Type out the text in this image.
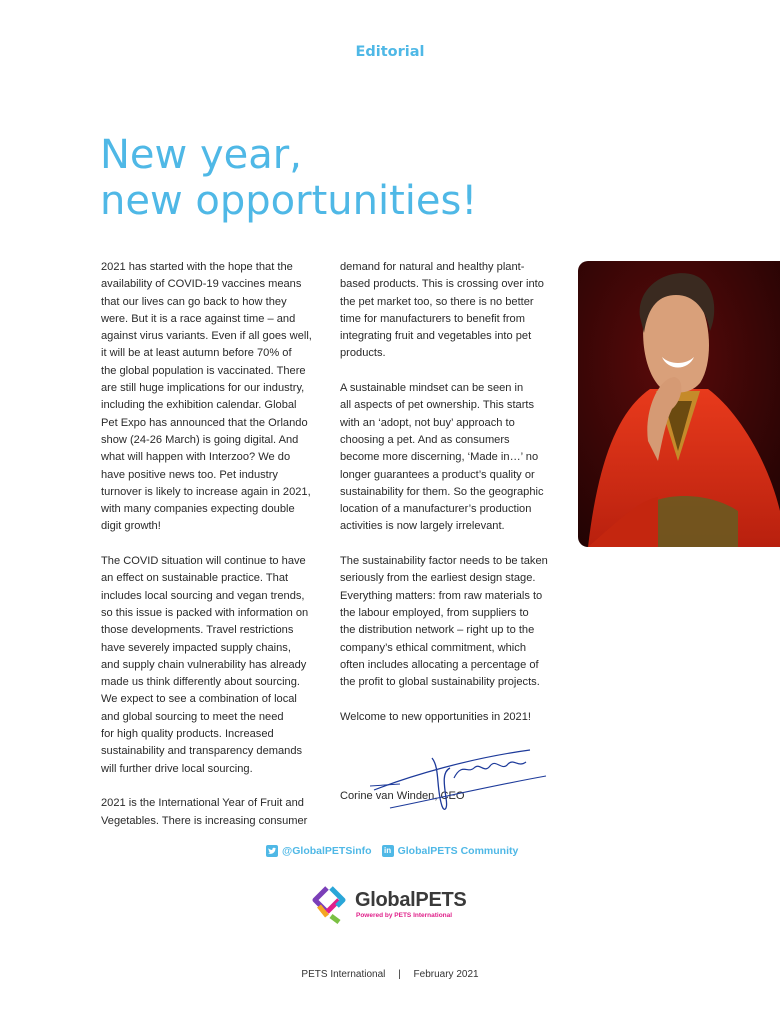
Editorial
New year,
new opportunities!

2021 has started with the hope that the
availability of COVID-19 vaccines means
that our lives can go back to how they
were. But it is a race against time – and
against virus variants. Even if all goes well,
it will be at least autumn before 70% of
the global population is vaccinated. There
are still huge implications for our industry,
including the exhibition calendar. Global
Pet Expo has announced that the Orlando
show (24-26 March) is going digital. And
what will happen with Interzoo? We do
have positive news too. Pet industry
turnover is likely to increase again in 2021,
with many companies expecting double
digit growth!

The COVID situation will continue to have
an effect on sustainable practice. That
includes local sourcing and vegan trends,
so this issue is packed with information on
those developments. Travel restrictions
have severely impacted supply chains,
and supply chain vulnerability has already
made us think differently about sourcing.
We expect to see a combination of local
and global sourcing to meet the need
for high quality products. Increased
sustainability and transparency demands
will further drive local sourcing.

2021 is the International Year of Fruit and
Vegetables. There is increasing consumer

demand for natural and healthy plant-
based products. This is crossing over into
the pet market too, so there is no better
time for manufacturers to benefit from
integrating fruit and vegetables into pet
products.

A sustainable mindset can be seen in
all aspects of pet ownership. This starts
with an ‘adopt, not buy’ approach to
choosing a pet. And as consumers
become more discerning, ‘Made in…’ no
longer guarantees a product’s quality or
sustainability for them. So the geographic
location of a manufacturer’s production
activities is now largely irrelevant.

The sustainability factor needs to be taken
seriously from the earliest design stage.
Everything matters: from raw materials to
the labour employed, from suppliers to
the distribution network – right up to the
company’s ethical commitment, which
often includes allocating a percentage of
the profit to global sustainability projects.

Welcome to new opportunities in 2021!

Corine van Winden, CEO
@GlobalPETSinfo	in GlobalPETS Community
GlobalPETS
Powered by PETS International
PETS International | February 2021
